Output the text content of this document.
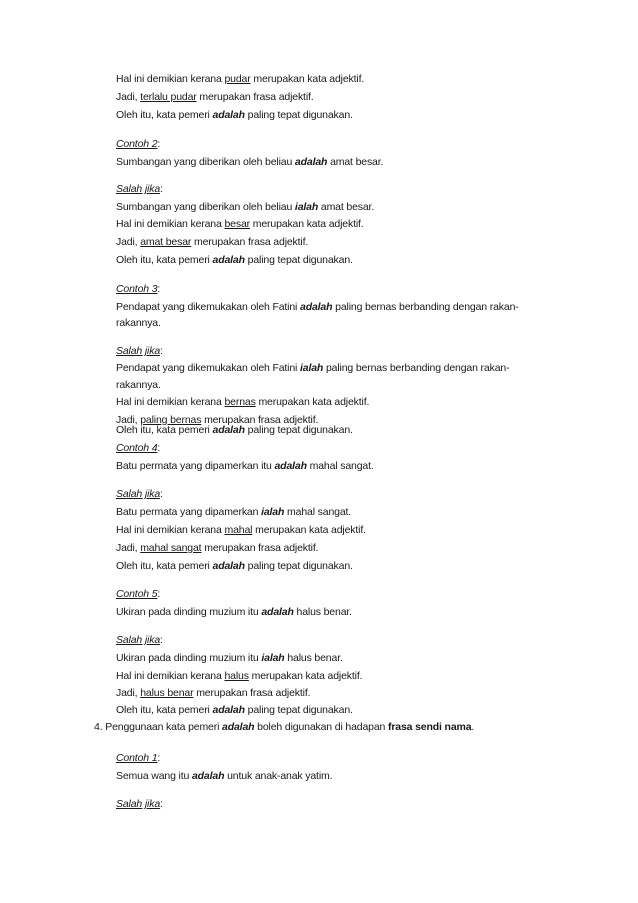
Hal ini demikian kerana pudar merupakan kata adjektif.
Jadi, terlalu pudar merupakan frasa adjektif.
Oleh itu, kata pemeri adalah paling tepat digunakan.
Contoh 2:
Sumbangan yang diberikan oleh beliau adalah amat besar.
Salah jika:
Sumbangan yang diberikan oleh beliau ialah amat besar.
Hal ini demikian kerana besar merupakan kata adjektif.
Jadi, amat besar merupakan frasa adjektif.
Oleh itu, kata pemeri adalah paling tepat digunakan.
Contoh 3:
Pendapat yang dikemukakan oleh Fatini adalah paling bernas berbanding dengan rakan-
rakannya.
Salah jika:
Pendapat yang dikemukakan oleh Fatini ialah paling bernas berbanding dengan rakan-
rakannya.
Hal ini demikian kerana bernas merupakan kata adjektif.
Jadi, paling bernas merupakan frasa adjektif.
Oleh itu, kata pemeri adalah paling tepat digunakan.
Contoh 4:
Batu permata yang dipamerkan itu adalah mahal sangat.
Salah jika:
Batu permata yang dipamerkan ialah mahal sangat.
Hal ini demikian kerana mahal merupakan kata adjektif.
Jadi, mahal sangat merupakan frasa adjektif.
Oleh itu, kata pemeri adalah paling tepat digunakan.
Contoh 5:
Ukiran pada dinding muzium itu adalah halus benar.
Salah jika:
Ukiran pada dinding muzium itu ialah halus benar.
Hal ini demikian kerana halus merupakan kata adjektif.
Jadi, halus benar merupakan frasa adjektif.
Oleh itu, kata pemeri adalah paling tepat digunakan.
4. Penggunaan kata pemeri adalah boleh digunakan di hadapan frasa sendi nama.
Contoh 1:
Semua wang itu adalah untuk anak-anak yatim.
Salah jika:
